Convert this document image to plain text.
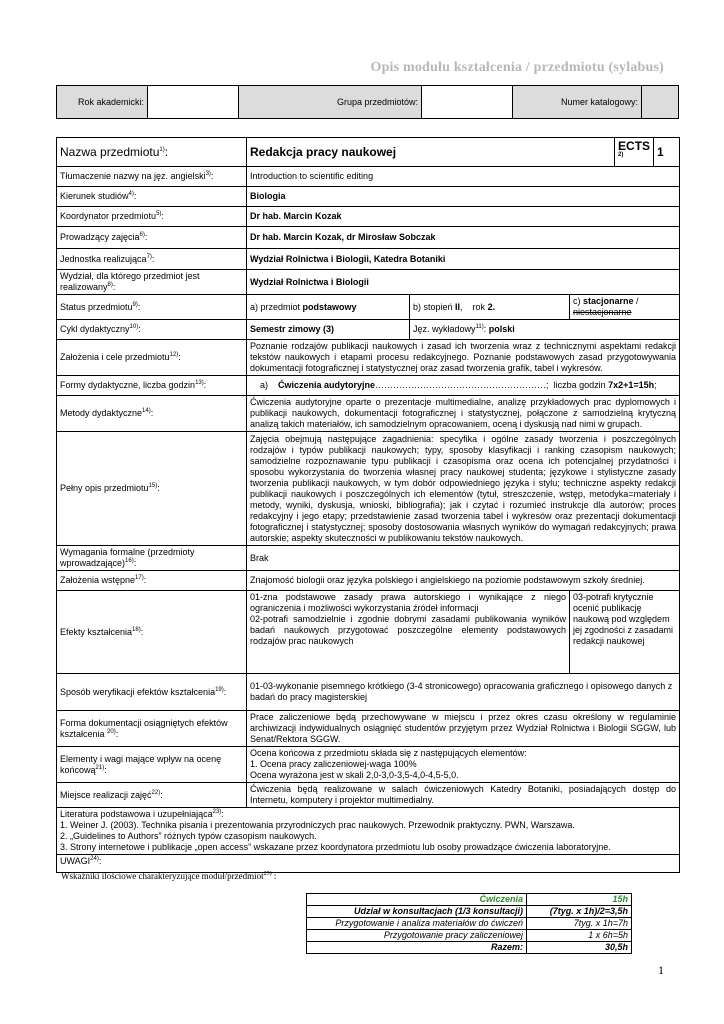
Opis modułu kształcenia / przedmiotu (sylabus)
Rok akademicki:		Grupa przedmiotów:		Numer katalogowy:	
Nazwa przedmiotu$^{1)}$:	Redakcja pracy naukowej			ECTS $^{2)}$	1
Tłumaczenie nazwy na jęz. angielski$^{3)}$:	Introduction to scientific editing				
Kierunek studiów$^{4)}$:	Biologia				
Koordynator przedmiotu$^{5)}$:	Dr hab. Marcin Kozak				
Prowadzący zajęcia$^{6)}$:	Dr hab. Marcin Kozak, dr Mirosław Sobczak				
Jednostka realizująca$^{7)}$:	Wydział Rolnictwa i Biologii, Katedra Botaniki				
Wydział, dla którego przedmiot jest realizowany$^{8)}$:	Wydział Rolnictwa i Biologii				
Status przedmiotu$^{9)}$:	a) przedmiot podstawowy	b) stopień II,    rok 2.	c) stacjonarne /
niestacjonarne		
Cykl dydaktyczny$^{10)}$:	Semestr zimowy (3)	Jęz. wykładowy$^{11)}$: polski			
Założenia i cele przedmiotu$^{12)}$:	Poznanie rodzajów publikacji naukowych i zasad ich tworzenia wraz z technicznymi aspektami redakcji tekstów naukowych i etapami procesu redakcyjnego. Poznanie podstawowych zasad przygotowywania dokumentacji fotograficznej i statystycznej oraz zasad tworzenia grafik, tabel i wykresów.				
Formy dydaktyczne, liczba godzin$^{13)}$:	a)    Ćwiczenia audytoryjne…………………………………………………;  liczba godzin 7x2+1=15h;				
Metody dydaktyczne$^{14)}$:	Ćwiczenia audytoryjne oparte o prezentacje multimedialne, analizę przykładowych prac dyplomowych i publikacji naukowych, dokumentacji fotograficznej i statystycznej, połączone z samodzielną krytyczną analizą takich materiałów, ich samodzielnym opracowaniem, oceną i dyskusją nad nimi w grupach.				
Pełny opis przedmiotu$^{15)}$:	Zajęcia obejmują następujące zagadnienia: specyfika i ogólne zasady tworzenia i poszczególnych rodzajów i typów publikacji naukowych; typy, sposoby klasyfikacji i ranking czasopism naukowych; samodzielne rozpoznawanie typu publikacji i czasopisma oraz ocena ich potencjalnej przydatności i sposobu wykorzystania do tworzenia własnej pracy naukowej studenta; językowe i stylistyczne zasady tworzenia publikacji naukowych, w tym dobór odpowiedniego języka i stylu; techniczne aspekty redakcji publikacji naukowych i poszczególnych ich elementów (tytuł, streszczenie, wstęp, metodyka=materiały i metody, wyniki, dyskusja, wnioski, bibliografia); jak i czytać i rozumieć instrukcje dla autorów; proces redakcyjny i jego etapy; przedstawienie zasad tworzenia tabel i wykresów oraz prezentacji dokumentacji fotograficznej i statystycznej; sposoby dostosowania własnych wyników do wymagań redakcyjnych; prawa autorskie; aspekty skuteczności w publikowaniu tekstów naukowych.				
Wymagania formalne (przedmioty wprowadzające)$^{16)}$:	Brak				
Założenia wstępne$^{17)}$:	Znajomość biologii oraz języka polskiego i angielskiego na poziomie podstawowym szkoły średniej.				
Efekty kształcenia$^{18)}$:	01-zna podstawowe zasady prawa autorskiego i wynikające z niego ograniczenia i możliwości wykorzystania źródeł informacji
02-potrafi samodzielnie i zgodnie dobrymi zasadami publikowania wyników badań naukowych przygotować poszczególne elementy podstawowych rodzajów prac naukowych		03-potrafi krytycznie ocenić publikację naukową pod względem jej zgodności z zasadami redakcji naukowej		
Sposób weryfikacji efektów kształcenia$^{19)}$:	01-03-wykonanie pisemnego krótkiego (3-4 stronicowego) opracowania graficznego i opisowego danych z badań do pracy magisterskiej				
Forma dokumentacji osiągniętych efektów kształcenia $^{20)}$:	Prace zaliczeniowe będą przechowywane w miejscu i przez okres czasu określony w regulaminie archiwizacji indywidualnych osiągnięć studentów przyjętym przez Wydział Rolnictwa i Biologii SGGW, lub Senat/Rektora SGGW.				
Elementy i wagi mające wpływ na ocenę końcową$^{21)}$:	Ocena końcowa z przedmiotu składa się z następujących elementów:
1. Ocena pracy zaliczeniowej-waga 100%
Ocena wyrażona jest w skali 2,0-3,0-3,5-4,0-4,5-5,0.				
Miejsce realizacji zajęć$^{22)}$:	Ćwiczenia będą realizowane w salach ćwiczeniowych Katedry Botaniki, posiadających dostęp do Internetu, komputery i projektor multimedialny.				
Literatura podstawowa i uzupełniająca$^{23)}$:
1. Weiner J. (2003). Technika pisania i prezentowania przyrodniczych prac naukowych. Przewodnik praktyczny. PWN, Warszawa.
2. „Guidelines to Authors” różnych typów czasopism naukowych.
3. Strony internetowe i publikacje „open access” wskazane przez koordynatora przedmiotu lub osoby prowadzące ćwiczenia laboratoryjne.					
UWAGI$^{24)}$:					
Wskaźniki ilościowe charakteryzujące moduł/przedmiot$^{25)}$ :
Ćwiczenia	15h
Udział w konsultacjach (1/3 konsultacji)	(7tyg. x 1h)/2=3,5h
Przygotowanie i analiza materiałów do ćwiczeń	7tyg. x 1h=7h
Przygotowanie pracy zaliczeniowej	1 x 6h=5h
Razem:	30,5h
1
